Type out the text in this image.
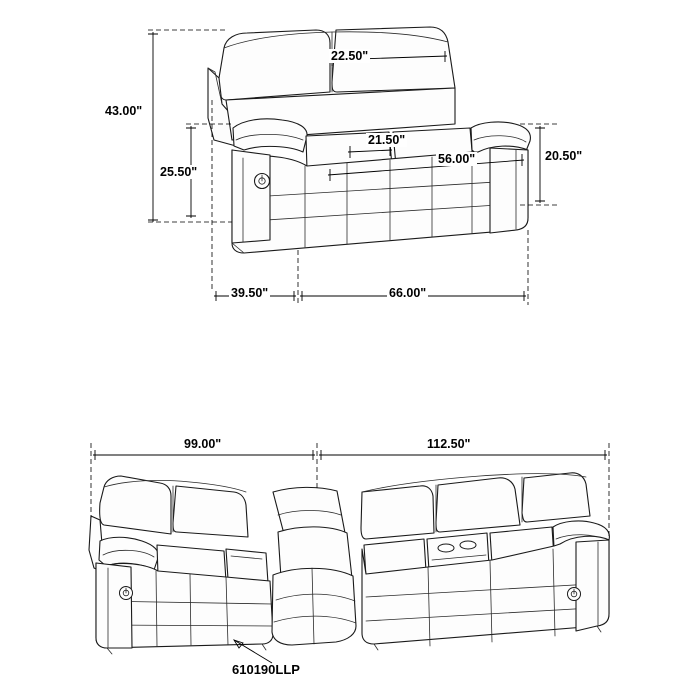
43.00"
25.50"
22.50"
21.50"
56.00"	20.50"
39.50"	66.00"
99.00"	112.50"
610190LLP
